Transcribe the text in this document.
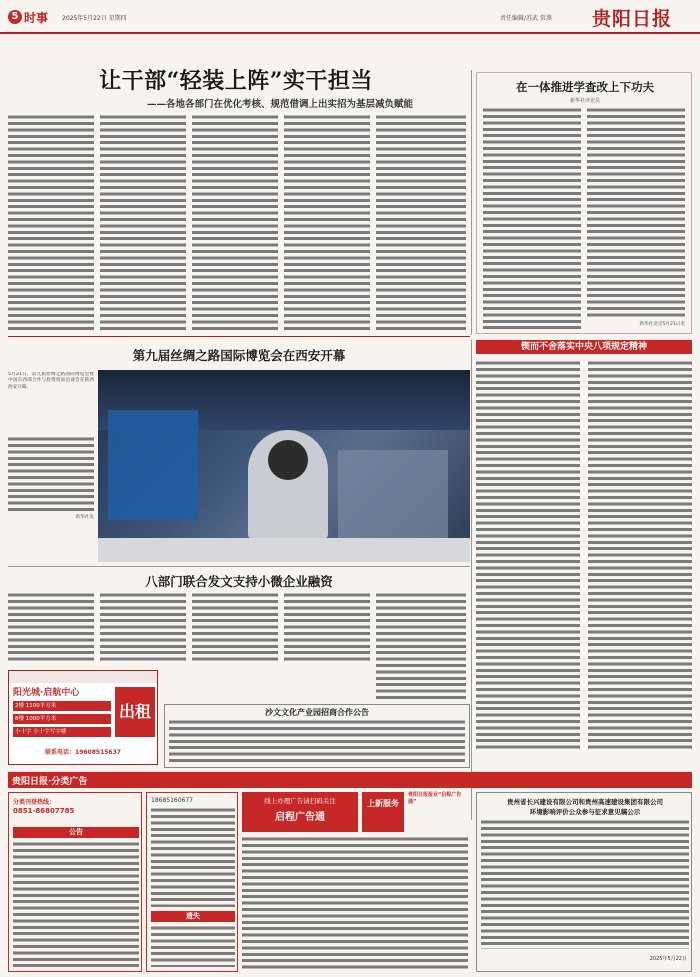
5 时事 2025年5月22日 星期四	责任编辑/苏武 常燕 贵阳日报
让干部“轻装上阵”实干担当
——各地各部门在优化考核、规范借调上出实招为基层减负赋能
在一体推进学查改上下功夫
新华社评论员
新华社北京5月21日电
第九届丝绸之路国际博览会在西安开幕
5月21日，第九届丝绸之路国际博览会暨中国东西部合作与投资贸易洽谈会在陕西西安开幕。
新华社发
锲而不舍落实中央八项规定精神
八部门联合发文支持小微企业融资
阳光城·启航中心
2楼 1100平方米
8楼 1000平方米
小十字 小十字写字楼
出租
联系电话：19608515637
沙文文化产业园招商合作公告
贵阳日报·分类广告
分类刊登热线：
0851-86807785
公告
18685160677
遗失
线上办理广告请扫码关注
启程广告通
上新服务
贵阳日报报业“启程广告通”	贵州省长兴建设有限公司和贵州高速建设集团有限公司
环境影响评价公众参与征求意见稿公示
2025年5月22日
